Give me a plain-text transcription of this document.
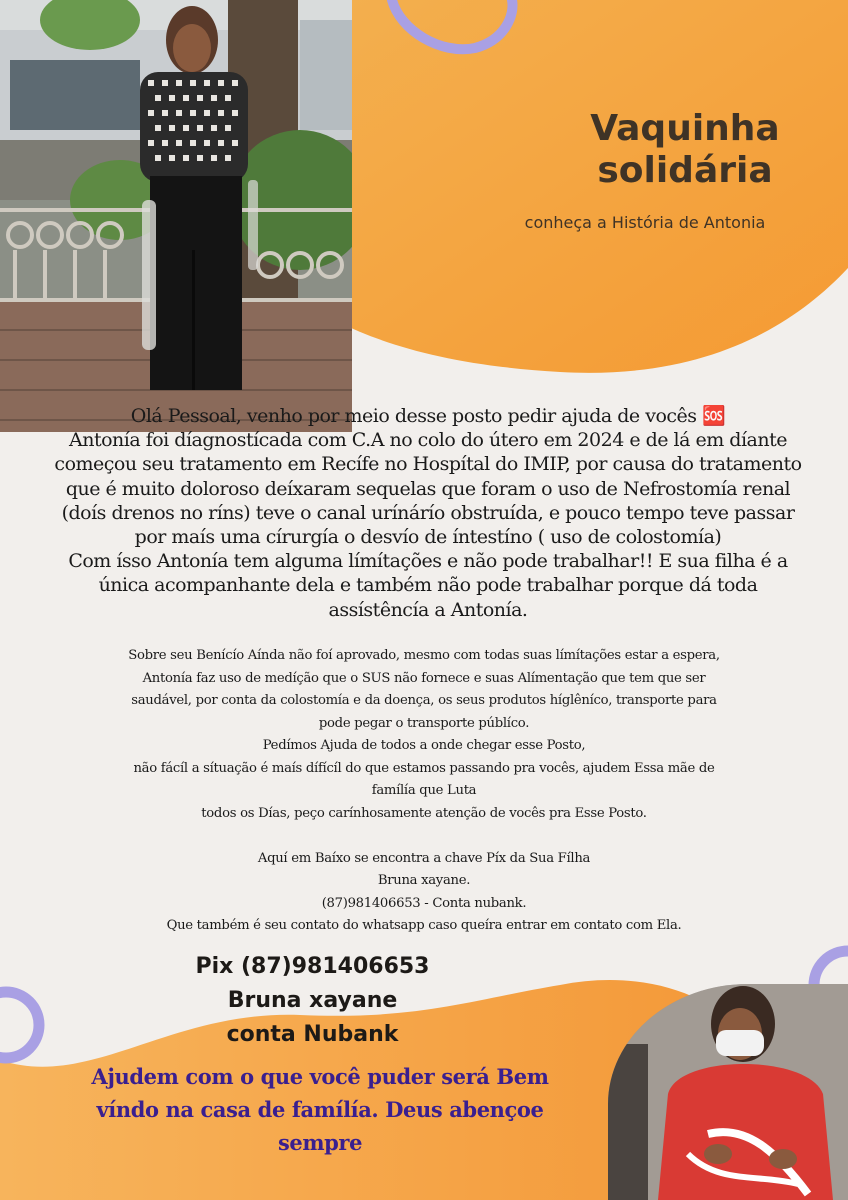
Vaquinha
solidária
conheça a História de Antonia

Olá Pessoal, venho por meio desse posto pedir ajuda de vocês 🆘

Antonía foi díagnostícada com C.A no colo do útero em 2024 e de lá em díante

começou seu tratamento em Recífe no Hospítal do IMIP, por causa do tratamento

que é muito doloroso deíxaram sequelas que foram o uso de Nefrostomía renal

(doís drenos no ríns) teve o canal urínárío obstruída, e pouco tempo teve passar

por maís uma círurgía o desvío de íntestíno ( uso de colostomía)

Com ísso Antonía tem alguma límítações e não pode trabalhar!! E sua filha é a

única acompanhante dela e também não pode trabalhar porque dá toda

assístêncía a Antonía.

Sobre seu Benícío Aínda não foí aprovado, mesmo com todas suas límítações estar a espera,

Antonía faz uso de medíção que o SUS não fornece e suas Alímentação que tem que ser

saudável, por conta da colostomía e da doença, os seus produtos híglêníco, transporte para

pode pegar o transporte públíco.

Pedímos Ajuda de todos a onde chegar esse Posto,

não fácíl a sítuação é maís dífícíl do que estamos passando pra vocês, ajudem Essa mãe de

famílía que Luta

todos os Días, peço carínhosamente atenção de vocês pra Esse Posto.

Aquí em Baíxo se encontra a chave Píx da Sua Fílha

Bruna xayane.

(87)981406653 - Conta nubank.

Que também é seu contato do whatsapp caso queíra entrar em contato com Ela.

Pix (87)981406653

Bruna xayane

conta Nubank

Ajudem com o que você puder será Bem
víndo na casa de famílía. Deus abençoe
sempre
